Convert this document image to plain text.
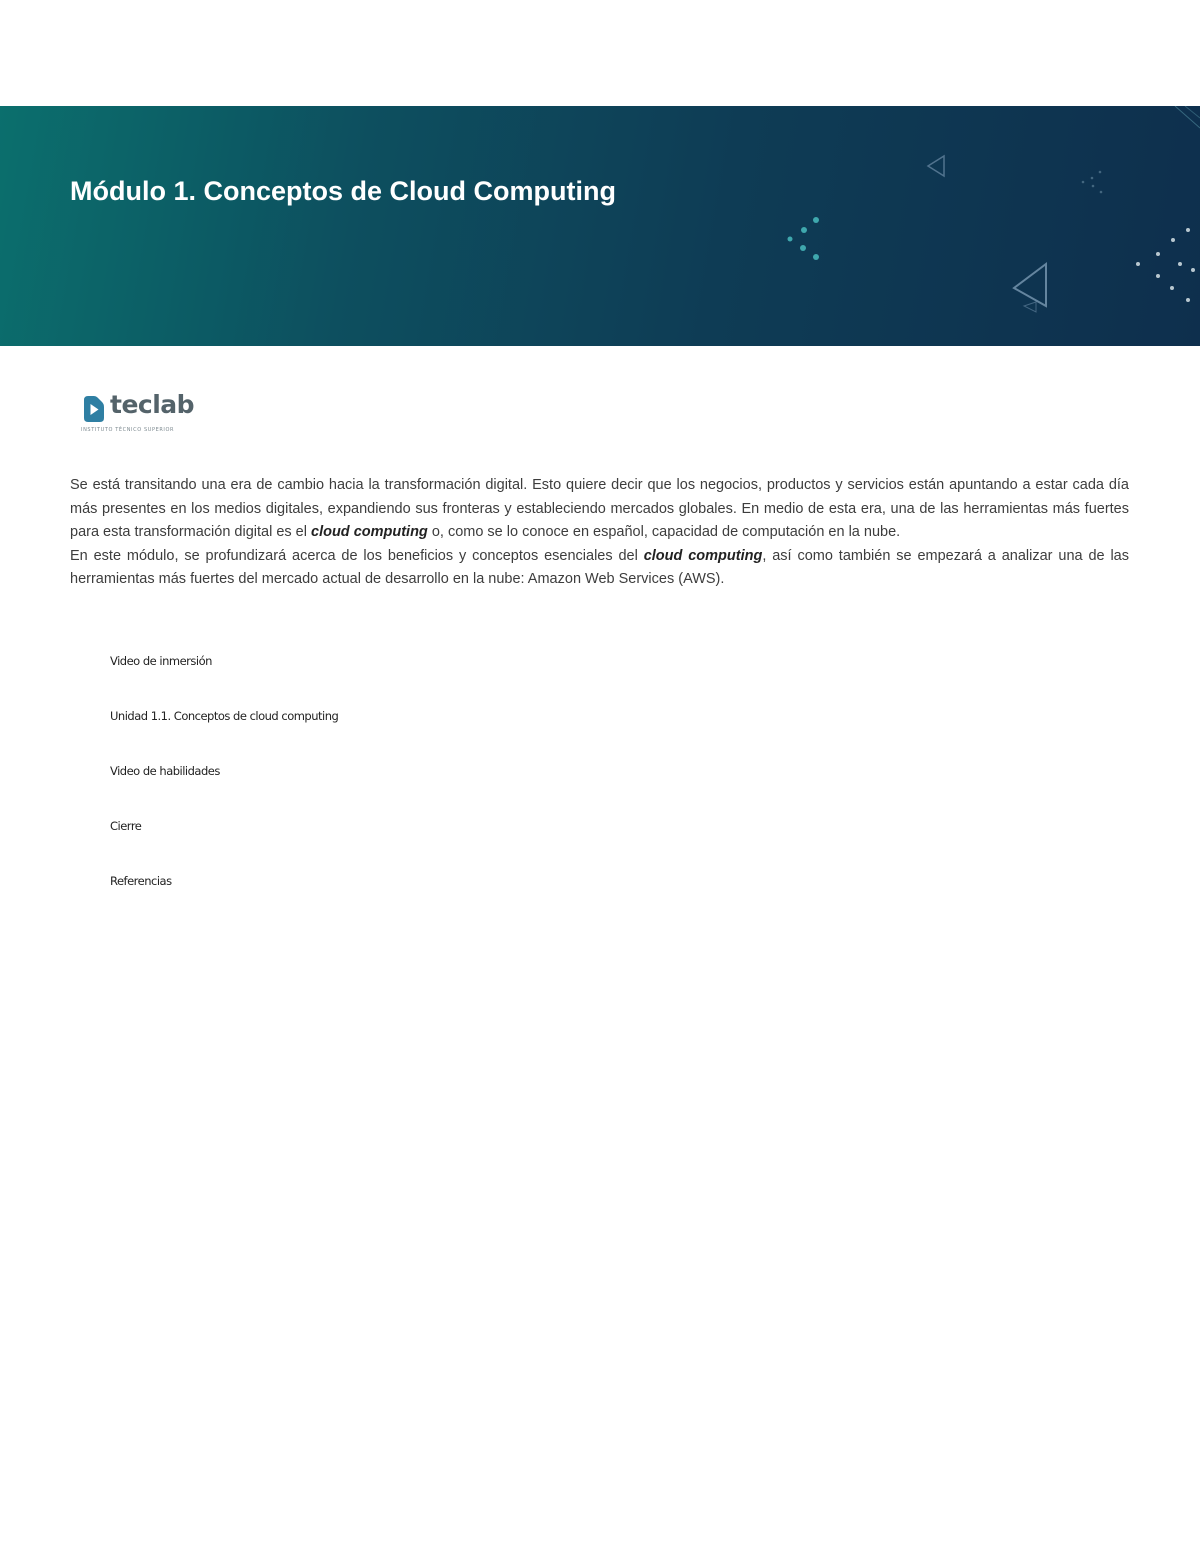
Módulo 1. Conceptos de Cloud Computing
teclab
INSTITUTO TÉCNICO SUPERIOR

Se está transitando una era de cambio hacia la transformación digital. Esto quiere decir que los negocios, productos y servicios están apuntando a estar cada día más presentes en los medios digitales, expandiendo sus fronteras y estableciendo mercados globales. En medio de esta era, una de las herramientas más fuertes para esta transformación digital es el cloud computing o, como se lo conoce en español, capacidad de computación en la nube.

En este módulo, se profundizará acerca de los beneficios y conceptos esenciales del cloud computing, así como también se empezará a analizar una de las herramientas más fuertes del mercado actual de desarrollo en la nube: Amazon Web Services (AWS).

Video de inmersión
Unidad 1.1. Conceptos de cloud computing
Video de habilidades
Cierre
Referencias
